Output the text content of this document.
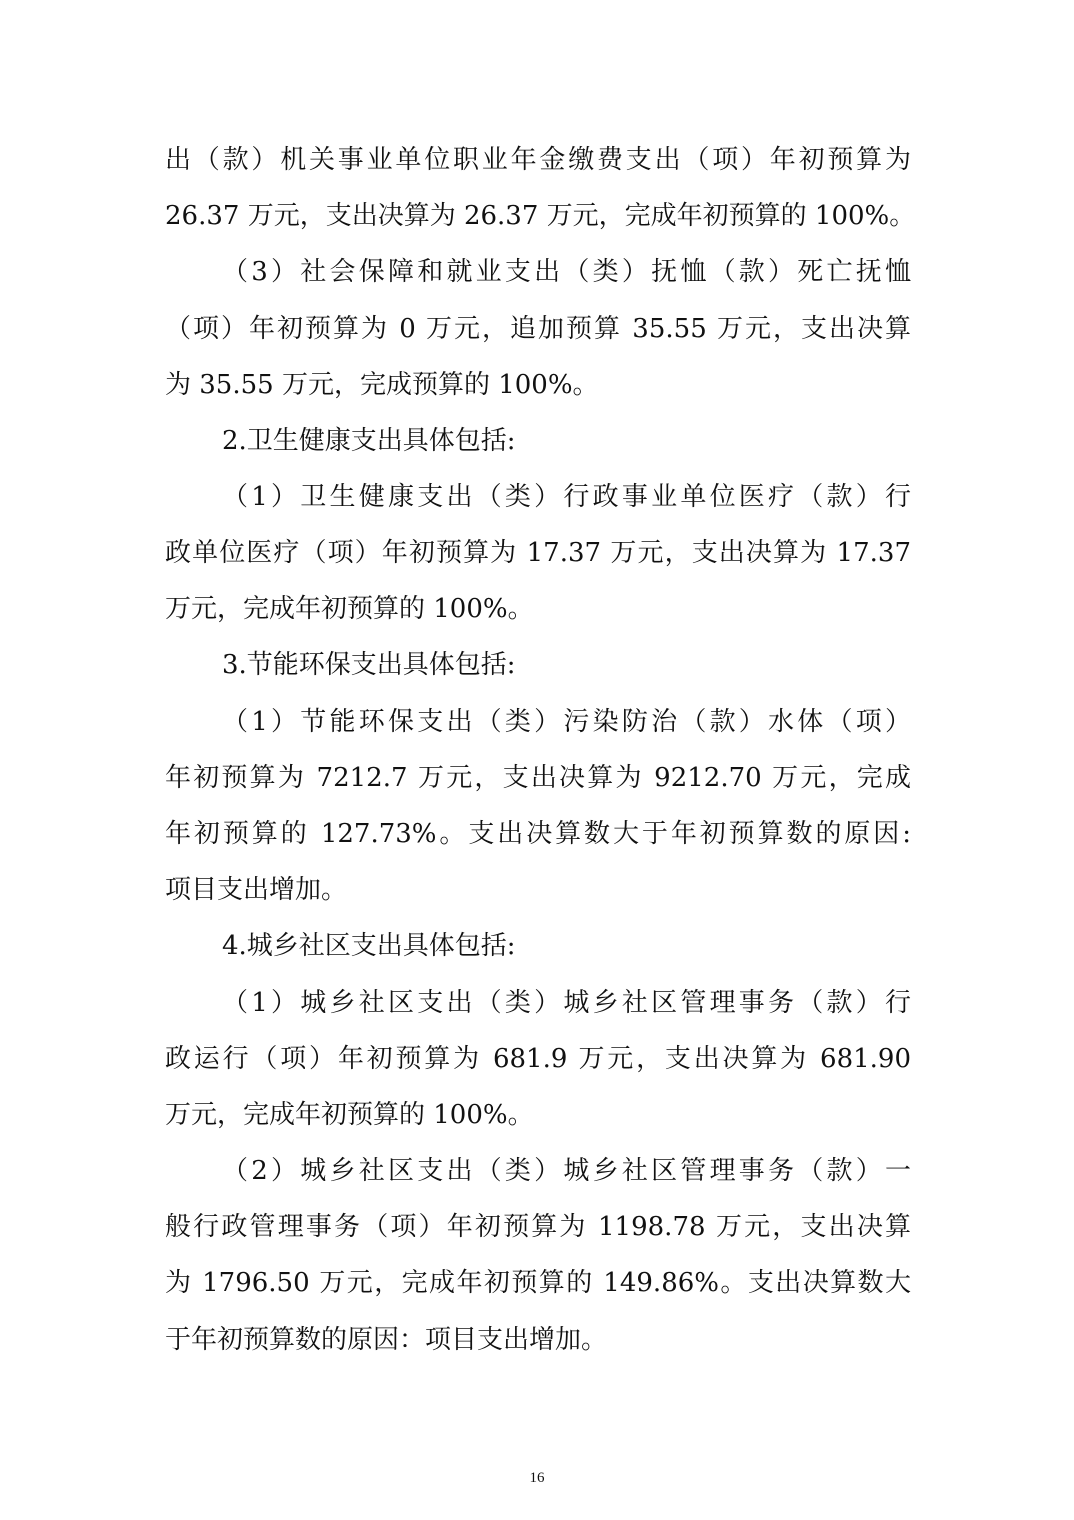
出（款）机关事业单位职业年金缴费支出（项）年初预算为
26.37 万元，支出决算为 26.37 万元，完成年初预算的 100%。
（3）社会保障和就业支出（类）抚恤（款）死亡抚恤
（项）年初预算为 0 万元，追加预算 35.55 万元，支出决算
为 35.55 万元，完成预算的 100%。
2.卫生健康支出具体包括:
（1）卫生健康支出（类）行政事业单位医疗（款）行
政单位医疗（项）年初预算为 17.37 万元，支出决算为 17.37
万元，完成年初预算的 100%。
3.节能环保支出具体包括:
（1）节能环保支出（类）污染防治（款）水体（项）
年初预算为 7212.7 万元，支出决算为 9212.70 万元，完成
年初预算的 127.73%。支出决算数大于年初预算数的原因:
项目支出增加。
4.城乡社区支出具体包括:
（1）城乡社区支出（类）城乡社区管理事务（款）行
政运行（项）年初预算为 681.9 万元，支出决算为 681.90
万元，完成年初预算的 100%。
（2）城乡社区支出（类）城乡社区管理事务（款）一
般行政管理事务（项）年初预算为 1198.78 万元，支出决算
为 1796.50 万元，完成年初预算的 149.86%。支出决算数大
于年初预算数的原因：项目支出增加。
16
